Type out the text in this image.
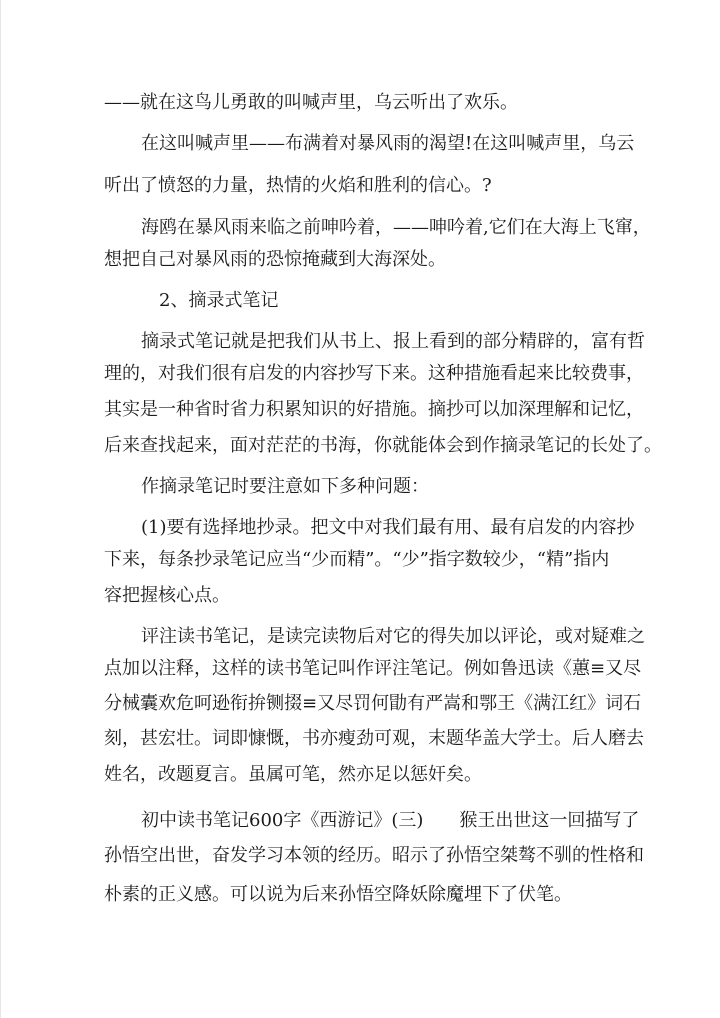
——就在这鸟儿勇敢的叫喊声里，乌云听出了欢乐。
在这叫喊声里——布满着对暴风雨的渴望!在这叫喊声里，乌云
听出了愤怒的力量，热情的火焰和胜利的信心。?
海鸥在暴风雨来临之前呻吟着，——呻吟着,它们在大海上飞窜，
想把自己对暴风雨的恐惊掩藏到大海深处。
2、摘录式笔记
摘录式笔记就是把我们从书上、报上看到的部分精辟的，富有哲
理的，对我们很有启发的内容抄写下来。这种措施看起来比较费事，
其实是一种省时省力积累知识的好措施。摘抄可以加深理解和记忆，
后来查找起来，面对茫茫的书海，你就能体会到作摘录笔记的长处了。
作摘录笔记时要注意如下多种问题：
(1)要有选择地抄录。把文中对我们最有用、最有启发的内容抄
下来，每条抄录笔记应当“少而精”。“少”指字数较少，“精”指内
容把握核心点。
评注读书笔记，是读完读物后对它的得失加以评论，或对疑难之
点加以注释，这样的读书笔记叫作评注笔记。例如鲁迅读《蕙≡又尽
分械囊欢危呵逊衔拚铡掇≡又尽罚何勖有严嵩和鄂王《满江红》词石
刻，甚宏壮。词即慷慨，书亦瘦劲可观，末题华盖大学士。后人磨去
姓名，改题夏言。虽属可笔，然亦足以惩奸矣。
初中读书笔记600字《西游记》(三)　　猴王出世这一回描写了
孙悟空出世，奋发学习本领的经历。昭示了孙悟空桀骜不驯的性格和
朴素的正义感。可以说为后来孙悟空降妖除魔埋下了伏笔。
